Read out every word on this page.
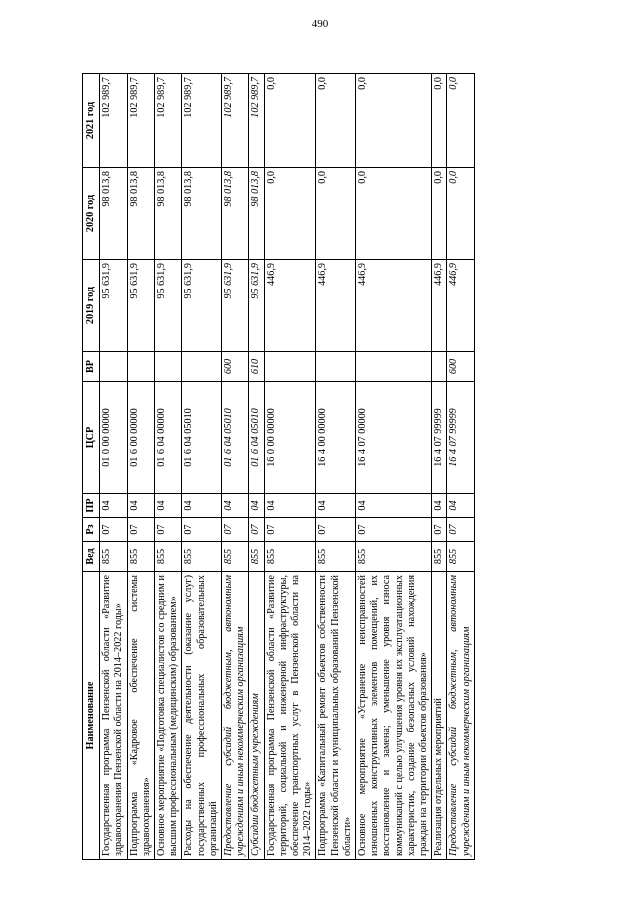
490
Наименование	Вед	Рз	ПР	ЦСР	ВР	2019 год	2020 год	2021 год
Государственная программа Пензенской области «Развитие здравоохранения Пензенской области на 2014–2022 годы»	855	07	04	01 0 00 00000		95 631,9	98 013,8	102 989,7
Подпрограмма «Кадровое обеспечение системы здравоохранения»	855	07	04	01 6 00 00000		95 631,9	98 013,8	102 989,7
Основное мероприятие «Подготовка специалистов со средним и высшим профессиональным (медицинским) образованием»	855	07	04	01 6 04 00000		95 631,9	98 013,8	102 989,7
Расходы на обеспечение деятельности (оказание услуг) государственных профессиональных образовательных организаций	855	07	04	01 6 04 05010		95 631,9	98 013,8	102 989,7
Предоставление субсидий бюджетным, автономным учреждениям и иным некоммерческим организациям	855	07	04	01 6 04 05010	600	95 631,9	98 013,8	102 989,7
Субсидии бюджетным учреждениям	855	07	04	01 6 04 05010	610	95 631,9	98 013,8	102 989,7
Государственная программа Пензенской области «Развитие территорий, социальной и инженерной инфраструктуры, обеспечение транспортных услуг в Пензенской области на 2014–2022 годы»	855	07	04	16 0 00 00000		446,9	0,0	0,0
Подпрограмма «Капитальный ремонт объектов собственности Пензенской области и муниципальных образований Пензенской области»	855	07	04	16 4 00 00000		446,9	0,0	0,0
Основное мероприятие «Устранение неисправностей изношенных конструктивных элементов помещений, их восстановление и замена; уменьшение уровня износа коммуникаций с целью улучшения уровня их эксплуатационных характеристик, создание безопасных условий нахождения граждан на территории объектов образования»	855	07	04	16 4 07 00000		446,9	0,0	0,0
Реализация отдельных мероприятий	855	07	04	16 4 07 99999		446,9	0,0	0,0
Предоставление субсидий бюджетным, автономным учреждениям и иным некоммерческим организациям	855	07	04	16 4 07 99999	600	446,9	0,0	0,0
